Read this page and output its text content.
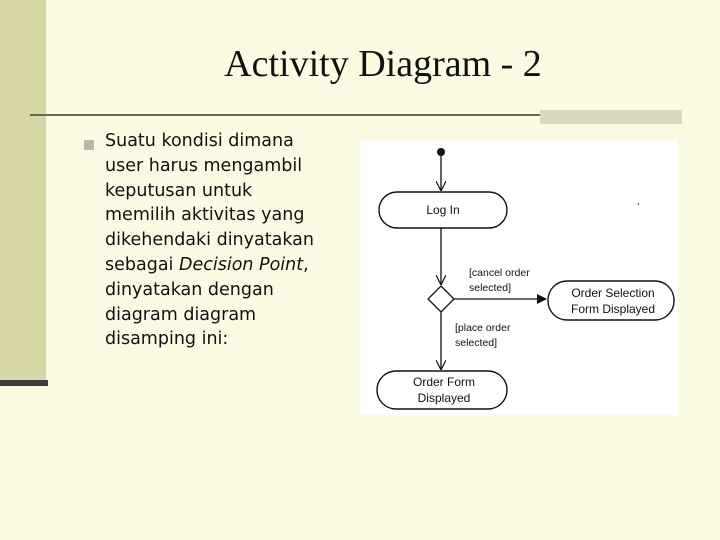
Activity Diagram - 2
Suatu kondisi dimana
user harus mengambil
keputusan untuk
memilih aktivitas yang
dikehendaki dinyatakan
sebagai Decision Point,
dinyatakan dengan
diagram diagram
disamping ini:
Log In
[cancel order
selected]	Order Selection
Form Displayed
[place order
selected]
Order Form
Displayed
’
